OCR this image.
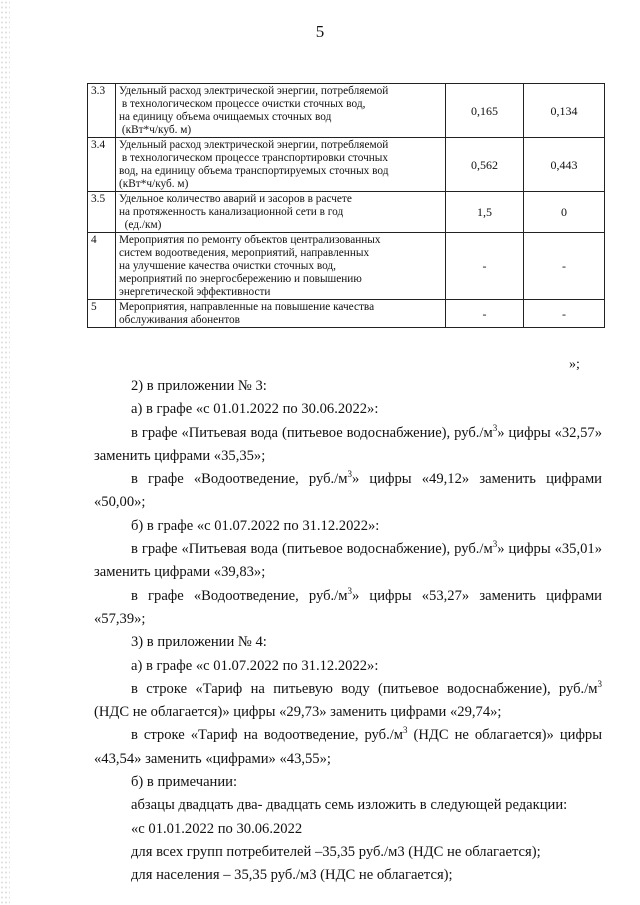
5
3.3	Удельный расход электрической энергии, потребляемой
в технологическом процессе очистки сточных вод,
на единицу объема очищаемых сточных вод
(кВт*ч/куб. м)	0,165	0,134
3.4	Удельный расход электрической энергии, потребляемой
в технологическом процессе транспортировки сточных
вод, на единицу объема транспортируемых сточных вод
(кВт*ч/куб. м)	0,562	0,443
3.5	Удельное количество аварий и засоров в расчете
на протяженность канализационной сети в год
(ед./км)	1,5	0
4	Мероприятия по ремонту объектов централизованных
систем водоотведения, мероприятий, направленных
на улучшение качества очистки сточных вод,
мероприятий по энергосбережению и повышению
энергетической эффективности	-	-
5	Мероприятия, направленные на повышение качества
обслуживания абонентов	-	-
»;

2) в приложении № 3:

а) в графе «с 01.01.2022 по 30.06.2022»:

в графе «Питьевая вода (питьевое водоснабжение), $руб./м^3$» цифры «32,57» заменить цифрами «35,35»;

в графе «Водоотведение, $руб./м^3$» цифры «49,12» заменить цифрами «50,00»;

б) в графе «с 01.07.2022 по 31.12.2022»:

в графе «Питьевая вода (питьевое водоснабжение), $руб./м^3$» цифры «35,01» заменить цифрами «39,83»;

в графе «Водоотведение, $руб./м^3$» цифры «53,27» заменить цифрами «57,39»;

3) в приложении № 4:

а) в графе «с 01.07.2022 по 31.12.2022»:

в строке «Тариф на питьевую воду (питьевое водоснабжение), $руб./м^3$ (НДС не облагается)» цифры «29,73» заменить цифрами «29,74»;

в строке «Тариф на водоотведение, $руб./м^3$ (НДС не облагается)» цифры «43,54» заменить «цифрами» «43,55»;

б) в примечании:

абзацы двадцать два- двадцать семь изложить в следующей редакции:

«с 01.01.2022 по 30.06.2022

для всех групп потребителей –35,35 руб./м3 (НДС не облагается);

для населения – 35,35 руб./м3 (НДС не облагается);
